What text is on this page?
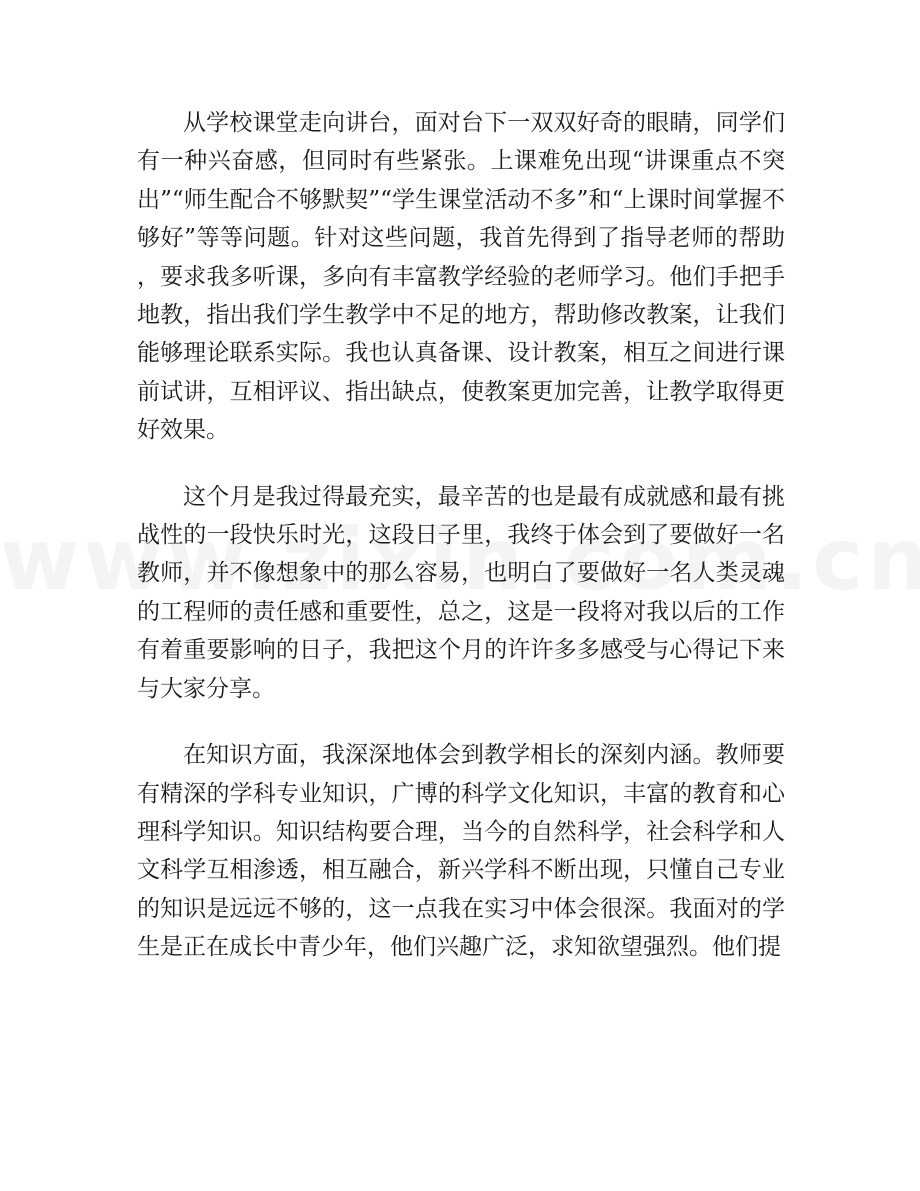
从学校课堂走向讲台，面对台下一双双好奇的眼睛，同学们有一种兴奋感，但同时有些紧张。上课难免出现“讲课重点不突出”“师生配合不够默契”“学生课堂活动不多”和“上课时间掌握不够好”等等问题。针对这些问题，我首先得到了指导老师的帮助，要求我多听课，多向有丰富教学经验的老师学习。他们手把手地教，指出我们学生教学中不足的地方，帮助修改教案，让我们能够理论联系实际。我也认真备课、设计教案，相互之间进行课前试讲，互相评议、指出缺点，使教案更加完善，让教学取得更好效果。

这个月是我过得最充实，最辛苦的也是最有成就感和最有挑战性的一段快乐时光，这段日子里，我终于体会到了要做好一名教师，并不像想象中的那么容易，也明白了要做好一名人类灵魂的工程师的责任感和重要性，总之，这是一段将对我以后的工作有着重要影响的日子，我把这个月的许许多多感受与心得记下来与大家分享。

在知识方面，我深深地体会到教学相长的深刻内涵。教师要有精深的学科专业知识，广博的科学文化知识，丰富的教育和心理科学知识。知识结构要合理，当今的自然科学，社会科学和人文科学互相渗透，相互融合，新兴学科不断出现，只懂自己专业的知识是远远不够的，这一点我在实习中体会很深。我面对的学生是正在成长中青少年，他们兴趣广泛，求知欲望强烈。他们提
